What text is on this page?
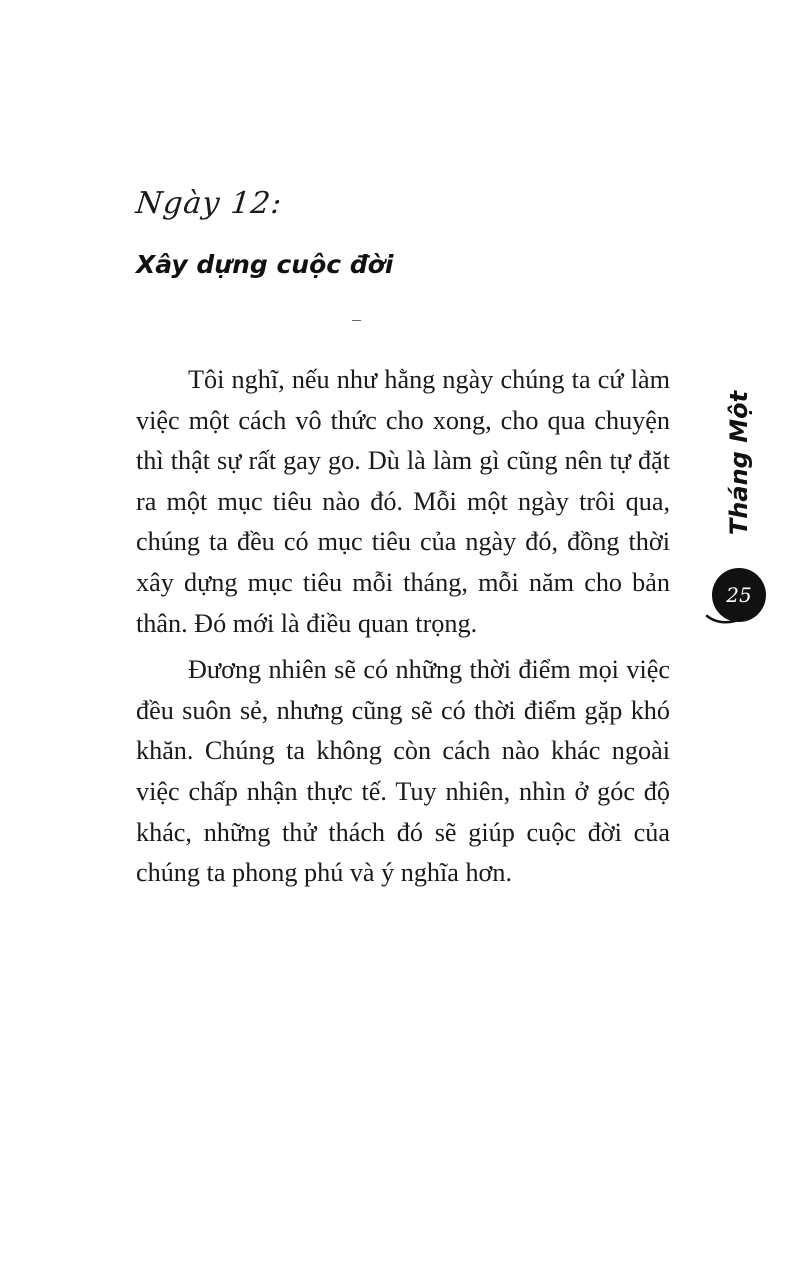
Ngày 12:
Xây dựng cuộc đời

Tôi nghĩ, nếu như hằng ngày chúng ta cứ làm việc một cách vô thức cho xong, cho qua chuyện thì thật sự rất gay go. Dù là làm gì cũng nên tự đặt ra một mục tiêu nào đó. Mỗi một ngày trôi qua, chúng ta đều có mục tiêu của ngày đó, đồng thời xây dựng mục tiêu mỗi tháng, mỗi năm cho bản thân. Đó mới là điều quan trọng.

Đương nhiên sẽ có những thời điểm mọi việc đều suôn sẻ, nhưng cũng sẽ có thời điểm gặp khó khăn. Chúng ta không còn cách nào khác ngoài việc chấp nhận thực tế. Tuy nhiên, nhìn ở góc độ khác, những thử thách đó sẽ giúp cuộc đời của chúng ta phong phú và ý nghĩa hơn.

Tháng Một
25
